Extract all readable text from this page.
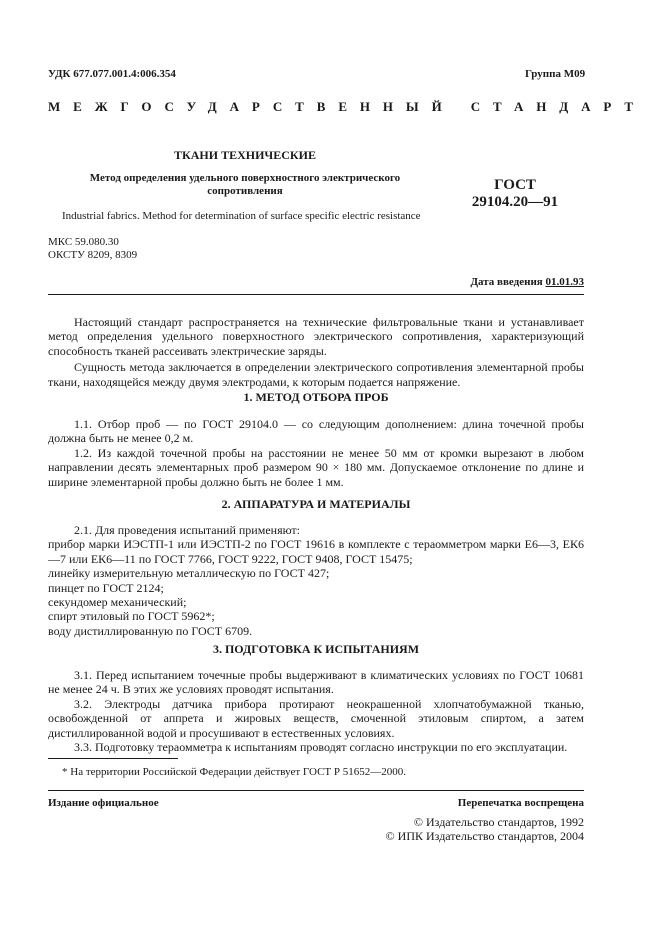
УДК 677.077.001.4:006.354	Группа М09
МЕЖГОСУДАРСТВЕННЫЙ СТАНДАРТ
ТКАНИ ТЕХНИЧЕСКИЕ
Метод определения удельного поверхностного электрического
сопротивления	ГОСТ
29104.20—91
Industrial fabrics. Method for determination of surface specific electric resistance
МКС 59.080.30
ОКСТУ 8209, 8309
Дата введения 01.01.93

Настоящий стандарт распространяется на технические фильтровальные ткани и устанавливает метод определения удельного поверхностного электрического сопротивления, характеризующий способность тканей рассеивать электрические заряды.

Сущность метода заключается в определении электрического сопротивления элементарной пробы ткани, находящейся между двумя электродами, к которым подается напряжение.

1. МЕТОД ОТБОРА ПРОБ

1.1. Отбор проб — по ГОСТ 29104.0 — со следующим дополнением: длина точечной пробы должна быть не менее 0,2 м.

1.2. Из каждой точечной пробы на расстоянии не менее 50 мм от кромки вырезают в любом направлении десять элементарных проб размером 90 × 180 мм. Допускаемое отклонение по длине и ширине элементарной пробы должно быть не более 1 мм.

2. АППАРАТУРА И МАТЕРИАЛЫ

2.1. Для проведения испытаний применяют:

прибор марки ИЭСТП-1 или ИЭСТП-2 по ГОСТ 19616 в комплекте с тераомметром марки Е6—3, ЕК6—7 или ЕК6—11 по ГОСТ 7766, ГОСТ 9222, ГОСТ 9408, ГОСТ 15475;

линейку измерительную металлическую по ГОСТ 427;

пинцет по ГОСТ 2124;

секундомер механический;

спирт этиловый по ГОСТ 5962*;

воду дистиллированную по ГОСТ 6709.

3. ПОДГОТОВКА К ИСПЫТАНИЯМ

3.1. Перед испытанием точечные пробы выдерживают в климатических условиях по ГОСТ 10681 не менее 24 ч. В этих же условиях проводят испытания.

3.2. Электроды датчика прибора протирают неокрашенной хлопчатобумажной тканью, освобожденной от аппрета и жировых веществ, смоченной этиловым спиртом, а затем дистиллированной водой и просушивают в естественных условиях.

3.3. Подготовку тераомметра к испытаниям проводят согласно инструкции по его эксплуатации.

* На территории Российской Федерации действует ГОСТ Р 51652—2000.
Издание официальное	Перепечатка воспрещена
© Издательство стандартов, 1992
© ИПК Издательство стандартов, 2004
